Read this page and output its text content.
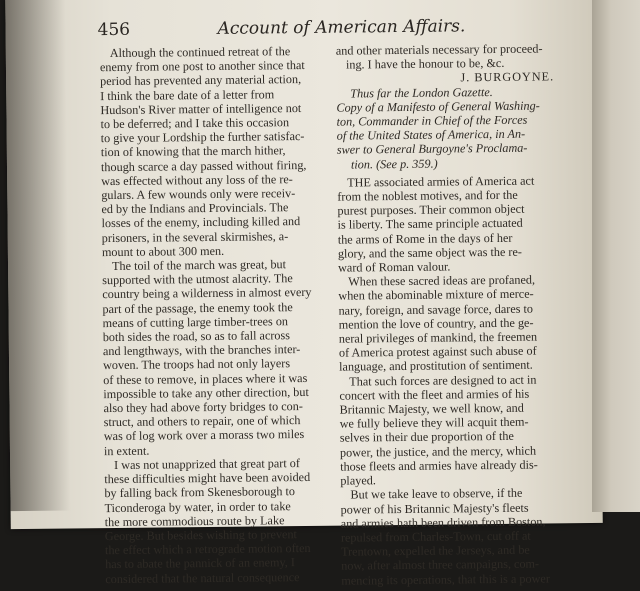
456	Account of American Affairs.
Although the continued retreat of the
enemy from one post to another since that
period has prevented any material action,
I think the bare date of a letter from
Hudson's River matter of intelligence not
to be deferred; and I take this occasion
to give your Lordship the further satisfac-
tion of knowing that the march hither,
though scarce a day passed without firing,
was effected without any loss of the re-
gulars. A few wounds only were receiv-
ed by the Indians and Provincials. The
losses of the enemy, including killed and
prisoners, in the several skirmishes, a-
mount to about 300 men.
The toil of the march was great, but
supported with the utmost alacrity. The
country being a wilderness in almost every
part of the passage, the enemy took the
means of cutting large timber-trees on
both sides the road, so as to fall across
and lengthways, with the branches inter-
woven. The troops had not only layers
of these to remove, in places where it was
impossible to take any other direction, but
also they had above forty bridges to con-
struct, and others to repair, one of which
was of log work over a morass two miles
in extent.
I was not unapprized that great part of
these difficulties might have been avoided
by falling back from Skenesborough to
Ticonderoga by water, in order to take
the more commodious route by Lake
George. But besides wishing to prevent
the effect which a retrograde motion often
has to abate the pannick of an enemy, I
considered that the natural consequence
and other materials necessary for proceed-
ing. I have the honour to be, &c.
J. BURGOYNE.
Thus far the London Gazette.
Copy of a Manifesto of General Washing-
ton, Commander in Chief of the Forces
of the United States of America, in An-
swer to General Burgoyne's Proclama-
tion. (See p. 359.)
THE associated armies of America act
from the noblest motives, and for the
purest purposes. Their common object
is liberty. The same principle actuated
the arms of Rome in the days of her
glory, and the same object was the re-
ward of Roman valour.
When these sacred ideas are profaned,
when the abominable mixture of merce-
nary, foreign, and savage force, dares to
mention the love of country, and the ge-
neral privileges of mankind, the freemen
of America protest against such abuse of
language, and prostitution of sentiment.
That such forces are designed to act in
concert with the fleet and armies of his
Britannic Majesty, we well know, and
we fully believe they will acquit them-
selves in their due proportion of the
power, the justice, and the mercy, which
those fleets and armies have already dis-
played.
But we take leave to observe, if the
power of his Britannic Majesty's fleets
and armies hath been driven from Boston,
repulsed from Charles-Town, cut off at
Trentown, expelled the Jerseys, and be
now, after almost three campaigns, com-
mencing its operations, that this is a power
